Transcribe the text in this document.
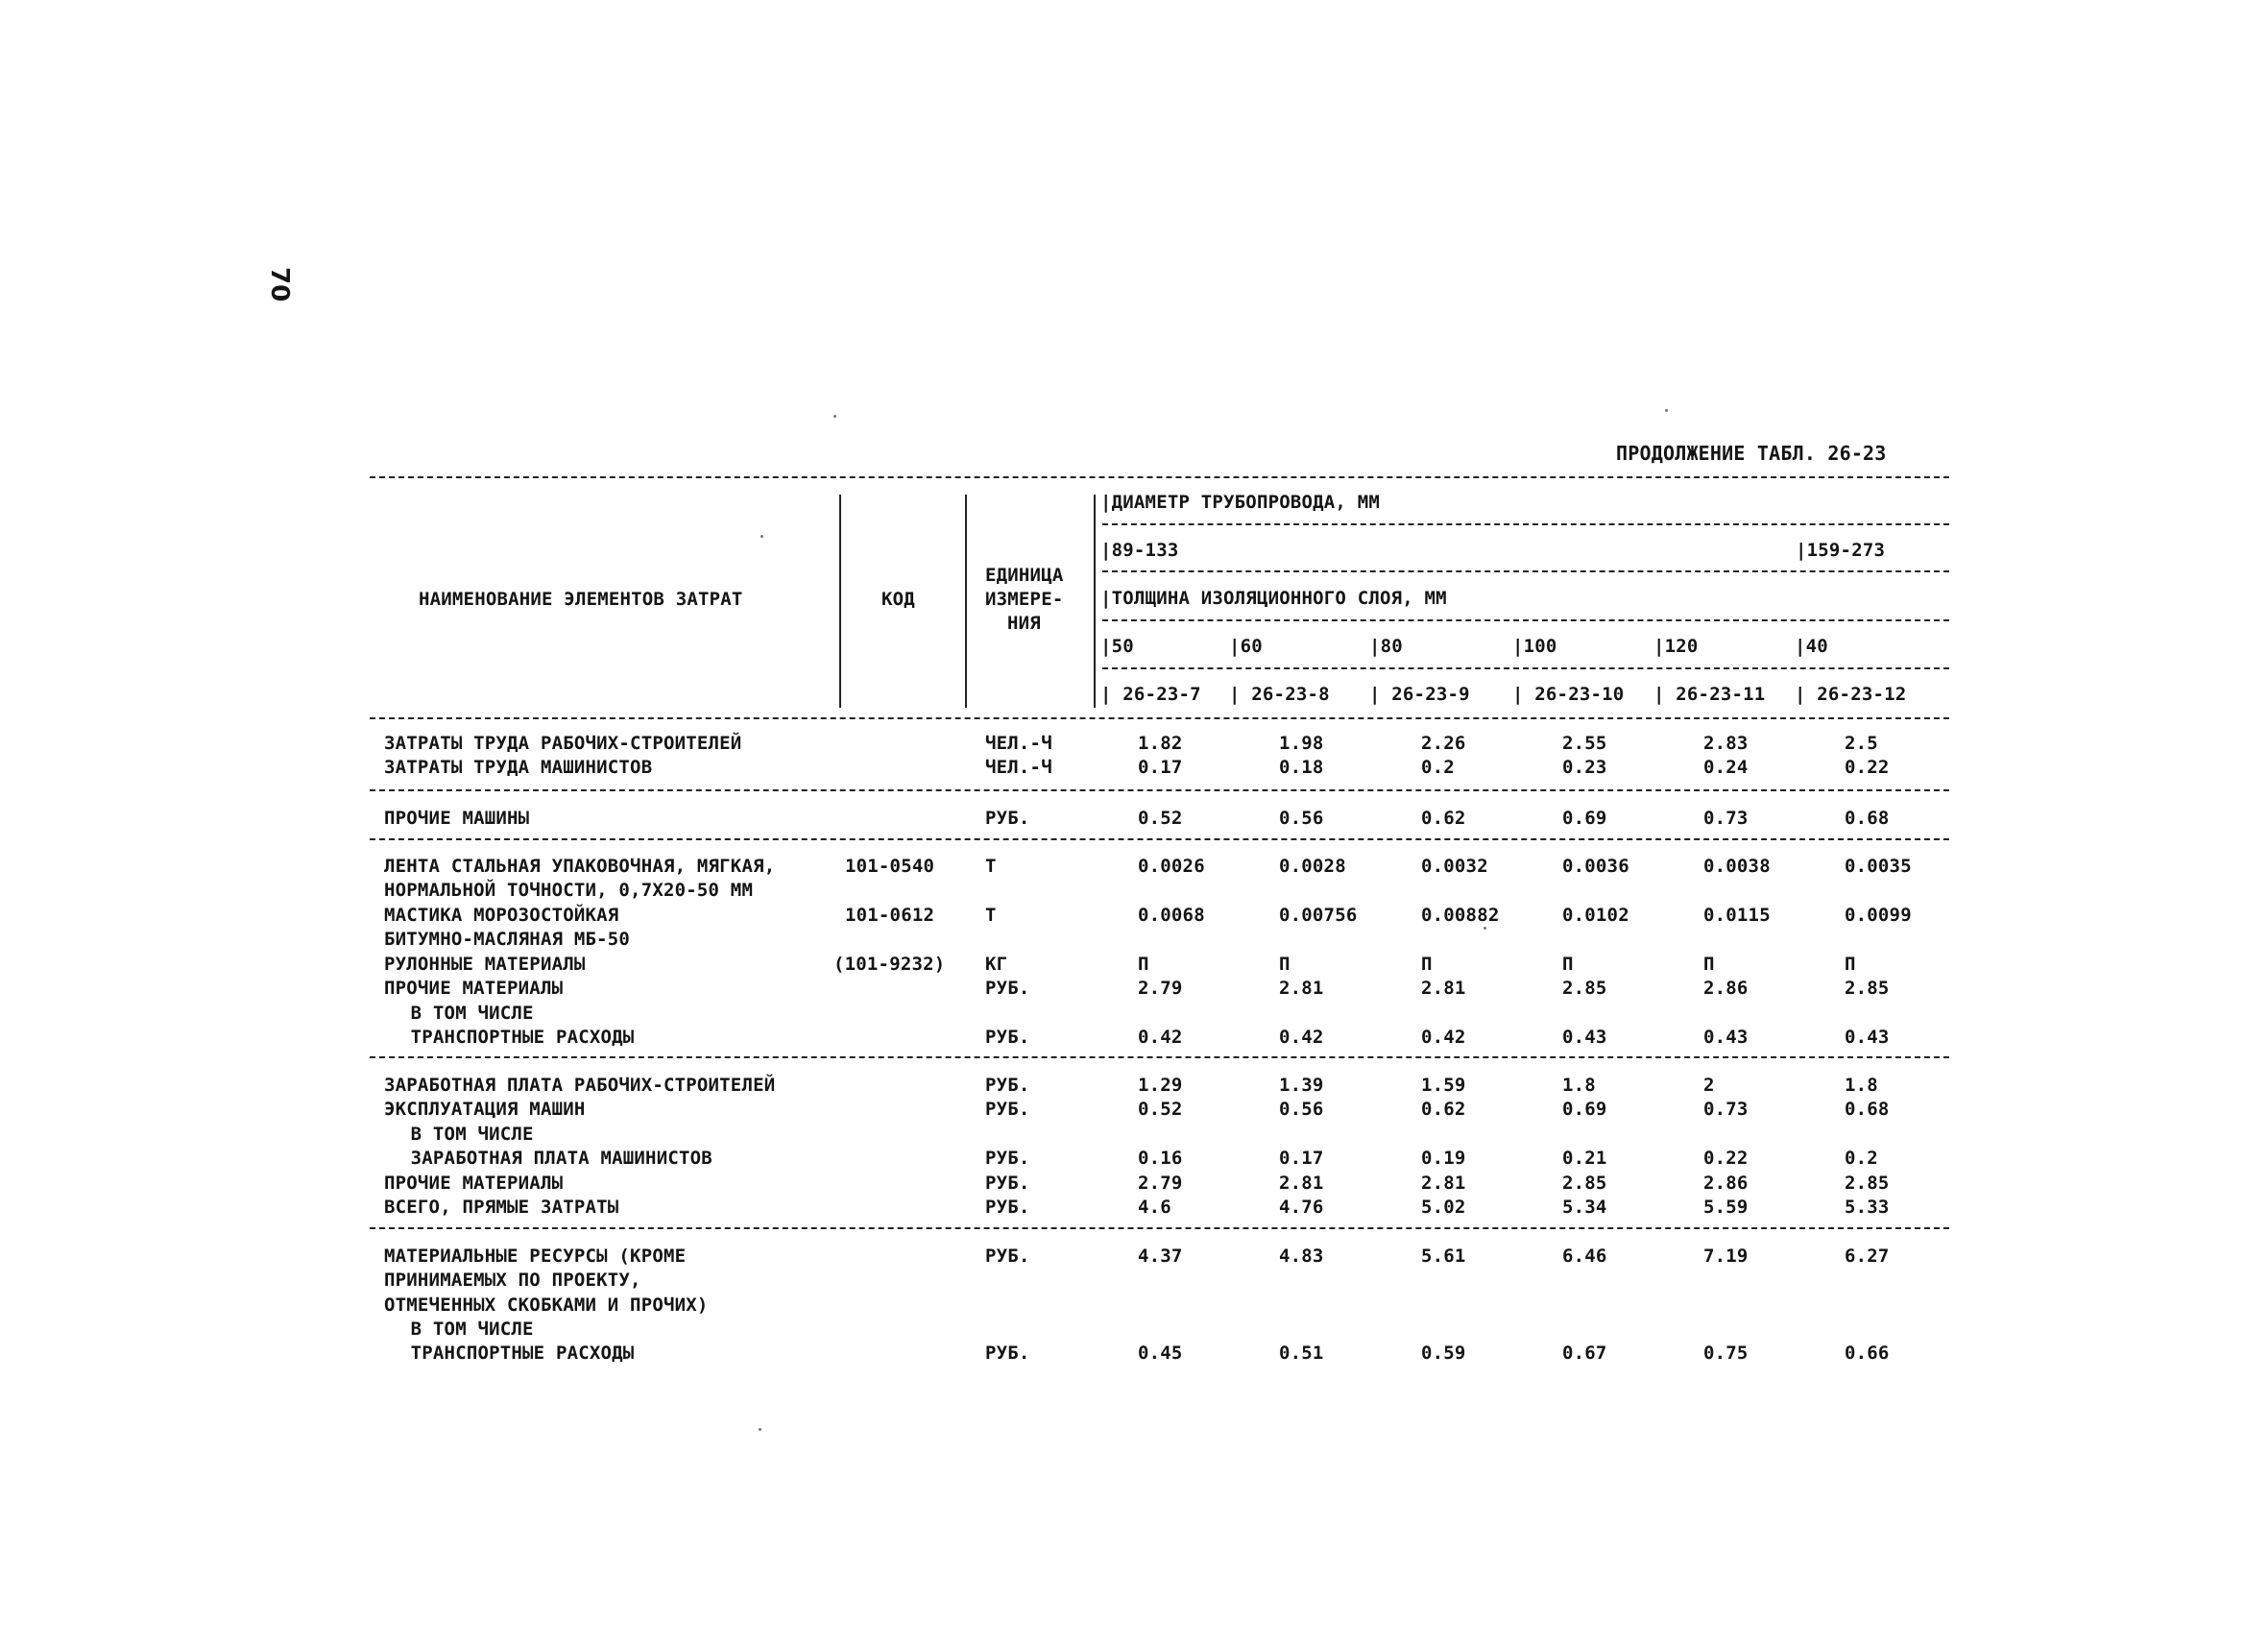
70
ПРОДОЛЖЕНИЕ ТАБЛ. 26-23
НАИМЕНОВАНИЕ ЭЛЕМЕНТОВ ЗАТРАТ	КОД
ЕДИНИЦА
ИЗМЕРЕ-
НИЯ
|ДИАМЕТР ТРУБОПРОВОДА, ММ
|89-133	|159-273
|ТОЛЩИНА ИЗОЛЯЦИОННОГО СЛОЯ, ММ
|50	|60	|80	|100	|120	|40
| 26-23-7 | 26-23-8 | 26-23-9 | 26-23-10 | 26-23-11 | 26-23-12
ЗАТРАТЫ ТРУДА РАБОЧИХ-СТРОИТЕЛЕЙ	ЧЕЛ.-Ч	1.82	1.98	2.26	2.55	2.83	2.5
ЗАТРАТЫ ТРУДА МАШИНИСТОВ	ЧЕЛ.-Ч	0.17	0.18	0.2	0.23	0.24	0.22
ПРОЧИЕ МАШИНЫ	РУБ.	0.52	0.56	0.62	0.69	0.73	0.68
ЛЕНТА СТАЛЬНАЯ УПАКОВОЧНАЯ, МЯГКАЯ,	101-0540	Т	0.0026	0.0028	0.0032	0.0036	0.0038	0.0035
НОРМАЛЬНОЙ ТОЧНОСТИ, 0,7Х20-50 ММ
МАСТИКА МОРОЗОСТОЙКАЯ	101-0612	Т	0.0068	0.00756	0.00882	0.0102	0.0115	0.0099
БИТУМНО-МАСЛЯНАЯ МБ-50
РУЛОННЫЕ МАТЕРИАЛЫ	(101-9232) КГ	П	П	П	П	П	П
ПРОЧИЕ МАТЕРИАЛЫ	РУБ.	2.79	2.81	2.81	2.85	2.86	2.85
В ТОМ ЧИСЛЕ
ТРАНСПОРТНЫЕ РАСХОДЫ	РУБ.	0.42	0.42	0.42	0.43	0.43	0.43
ЗАРАБОТНАЯ ПЛАТА РАБОЧИХ-СТРОИТЕЛЕЙ	РУБ.	1.29	1.39	1.59	1.8	2	1.8
ЭКСПЛУАТАЦИЯ МАШИН	РУБ.	0.52	0.56	0.62	0.69	0.73	0.68
В ТОМ ЧИСЛЕ
ЗАРАБОТНАЯ ПЛАТА МАШИНИСТОВ	РУБ.	0.16	0.17	0.19	0.21	0.22	0.2
ПРОЧИЕ МАТЕРИАЛЫ	РУБ.	2.79	2.81	2.81	2.85	2.86	2.85
ВСЕГО, ПРЯМЫЕ ЗАТРАТЫ	РУБ.	4.6	4.76	5.02	5.34	5.59	5.33
МАТЕРИАЛЬНЫЕ РЕСУРСЫ (КРОМЕ	РУБ.	4.37	4.83	5.61	6.46	7.19	6.27
ПРИНИМАЕМЫХ ПО ПРОЕКТУ,
ОТМЕЧЕННЫХ СКОБКАМИ И ПРОЧИХ)
В ТОМ ЧИСЛЕ
ТРАНСПОРТНЫЕ РАСХОДЫ	РУБ.	0.45	0.51	0.59	0.67	0.75	0.66
